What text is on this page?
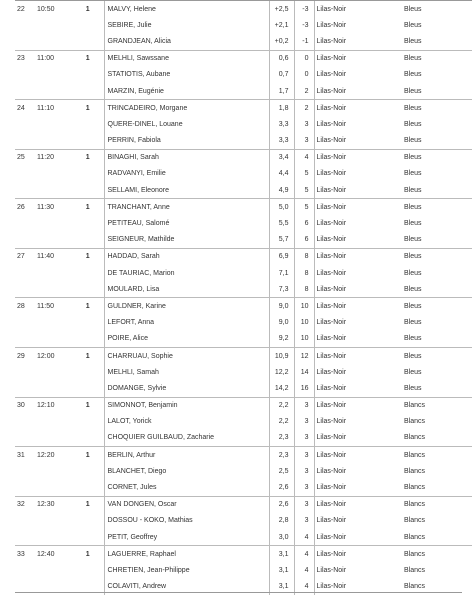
22	10:50	1	MALVY, Helene	+2,5	-3	Lilas-Noir	Bleus	
			SEBIRE, Julie	+2,1	-3	Lilas-Noir	Bleus	
			GRANDJEAN, Alicia	+0,2	-1	Lilas-Noir	Bleus	
23	11:00	1	MELHLI, Sawssane	0,6	0	Lilas-Noir	Bleus	
			STATIOTIS, Aubane	0,7	0	Lilas-Noir	Bleus	
			MARZIN, Eugénie	1,7	2	Lilas-Noir	Bleus	
24	11:10	1	TRINCADEIRO, Morgane	1,8	2	Lilas-Noir	Bleus	
			QUERE-DINEL, Louane	3,3	3	Lilas-Noir	Bleus	
			PERRIN, Fabiola	3,3	3	Lilas-Noir	Bleus	
25	11:20	1	BINAGHI, Sarah	3,4	4	Lilas-Noir	Bleus	
			RADVANYI, Emilie	4,4	5	Lilas-Noir	Bleus	
			SELLAMI, Eleonore	4,9	5	Lilas-Noir	Bleus	
26	11:30	1	TRANCHANT, Anne	5,0	5	Lilas-Noir	Bleus	
			PETITEAU, Salomé	5,5	6	Lilas-Noir	Bleus	
			SEIGNEUR, Mathilde	5,7	6	Lilas-Noir	Bleus	
27	11:40	1	HADDAD, Sarah	6,9	8	Lilas-Noir	Bleus	
			DE TAURIAC, Marion	7,1	8	Lilas-Noir	Bleus	
			MOULARD, Lisa	7,3	8	Lilas-Noir	Bleus	
28	11:50	1	GULDNER, Karine	9,0	10	Lilas-Noir	Bleus	
			LEFORT, Anna	9,0	10	Lilas-Noir	Bleus	
			POIRE, Alice	9,2	10	Lilas-Noir	Bleus	
29	12:00	1	CHARRUAU, Sophie	10,9	12	Lilas-Noir	Bleus	
			MELHLI, Samah	12,2	14	Lilas-Noir	Bleus	
			DOMANGE, Sylvie	14,2	16	Lilas-Noir	Bleus	
30	12:10	1	SIMONNOT, Benjamin	2,2	3	Lilas-Noir	Blancs	
			LALOT, Yorick	2,2	3	Lilas-Noir	Blancs	
			CHOQUIER GUILBAUD, Zacharie	2,3	3	Lilas-Noir	Blancs	
31	12:20	1	BERLIN, Arthur	2,3	3	Lilas-Noir	Blancs	
			BLANCHET, Diego	2,5	3	Lilas-Noir	Blancs	
			CORNET, Jules	2,6	3	Lilas-Noir	Blancs	
32	12:30	1	VAN DONGEN, Oscar	2,6	3	Lilas-Noir	Blancs	
			DOSSOU - KOKO, Mathias	2,8	3	Lilas-Noir	Blancs	
			PETIT, Geoffrey	3,0	4	Lilas-Noir	Blancs	
33	12:40	1	LAGUERRE, Raphael	3,1	4	Lilas-Noir	Blancs	
			CHRETIEN, Jean-Philippe	3,1	4	Lilas-Noir	Blancs	
			COLAVITI, Andrew	3,1	4	Lilas-Noir	Blancs	
